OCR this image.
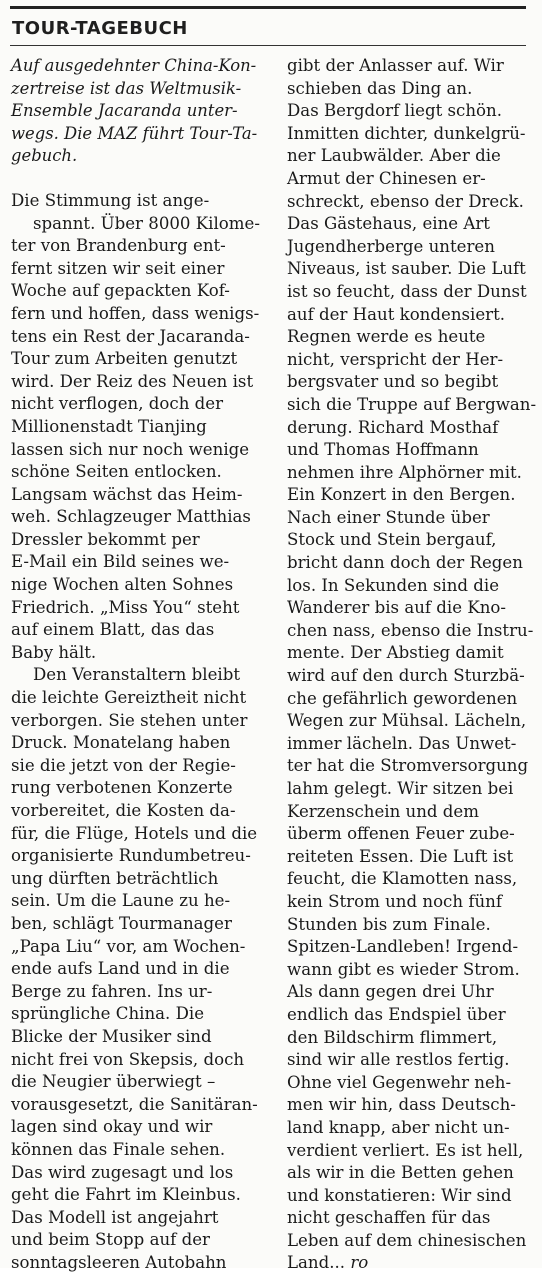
TOUR-TAGEBUCH
Auf ausgedehnter China-Kon-
zertreise ist das Weltmusik-
Ensemble Jacaranda unter-
wegs. Die MAZ führt Tour-Ta-
gebuch.
Die Stimmung ist ange-
spannt. Über 8000 Kilome-
ter von Brandenburg ent-
fernt sitzen wir seit einer
Woche auf gepackten Kof-
fern und hoffen, dass wenigs-
tens ein Rest der Jacaranda-
Tour zum Arbeiten genutzt
wird. Der Reiz des Neuen ist
nicht verflogen, doch der
Millionenstadt Tianjing
lassen sich nur noch wenige
schöne Seiten entlocken.
Langsam wächst das Heim-
weh. Schlagzeuger Matthias
Dressler bekommt per
E-Mail ein Bild seines we-
nige Wochen alten Sohnes
Friedrich. „Miss You“ steht
auf einem Blatt, das das
Baby hält.
Den Veranstaltern bleibt
die leichte Gereiztheit nicht
verborgen. Sie stehen unter
Druck. Monatelang haben
sie die jetzt von der Regie-
rung verbotenen Konzerte
vorbereitet, die Kosten da-
für, die Flüge, Hotels und die
organisierte Rundumbetreu-
ung dürften beträchtlich
sein. Um die Laune zu he-
ben, schlägt Tourmanager
„Papa Liu“ vor, am Wochen-
ende aufs Land und in die
Berge zu fahren. Ins ur-
sprüngliche China. Die
Blicke der Musiker sind
nicht frei von Skepsis, doch
die Neugier überwiegt –
vorausgesetzt, die Sanitäran-
lagen sind okay und wir
können das Finale sehen.
Das wird zugesagt und los
geht die Fahrt im Kleinbus.
Das Modell ist angejahrt
und beim Stopp auf der
sonntagsleeren Autobahn
gibt der Anlasser auf. Wir
schieben das Ding an.
Das Bergdorf liegt schön.
Inmitten dichter, dunkelgrü-
ner Laubwälder. Aber die
Armut der Chinesen er-
schreckt, ebenso der Dreck.
Das Gästehaus, eine Art
Jugendherberge unteren
Niveaus, ist sauber. Die Luft
ist so feucht, dass der Dunst
auf der Haut kondensiert.
Regnen werde es heute
nicht, verspricht der Her-
bergsvater und so begibt
sich die Truppe auf Bergwan-
derung. Richard Mosthaf
und Thomas Hoffmann
nehmen ihre Alphörner mit.
Ein Konzert in den Bergen.
Nach einer Stunde über
Stock und Stein bergauf,
bricht dann doch der Regen
los. In Sekunden sind die
Wanderer bis auf die Kno-
chen nass, ebenso die Instru-
mente. Der Abstieg damit
wird auf den durch Sturzbä-
che gefährlich gewordenen
Wegen zur Mühsal. Lächeln,
immer lächeln. Das Unwet-
ter hat die Stromversorgung
lahm gelegt. Wir sitzen bei
Kerzenschein und dem
überm offenen Feuer zube-
reiteten Essen. Die Luft ist
feucht, die Klamotten nass,
kein Strom und noch fünf
Stunden bis zum Finale.
Spitzen-Landleben! Irgend-
wann gibt es wieder Strom.
Als dann gegen drei Uhr
endlich das Endspiel über
den Bildschirm flimmert,
sind wir alle restlos fertig.
Ohne viel Gegenwehr neh-
men wir hin, dass Deutsch-
land knapp, aber nicht un-
verdient verliert. Es ist hell,
als wir in die Betten gehen
und konstatieren: Wir sind
nicht geschaffen für das
Leben auf dem chinesischen
Land... ro
